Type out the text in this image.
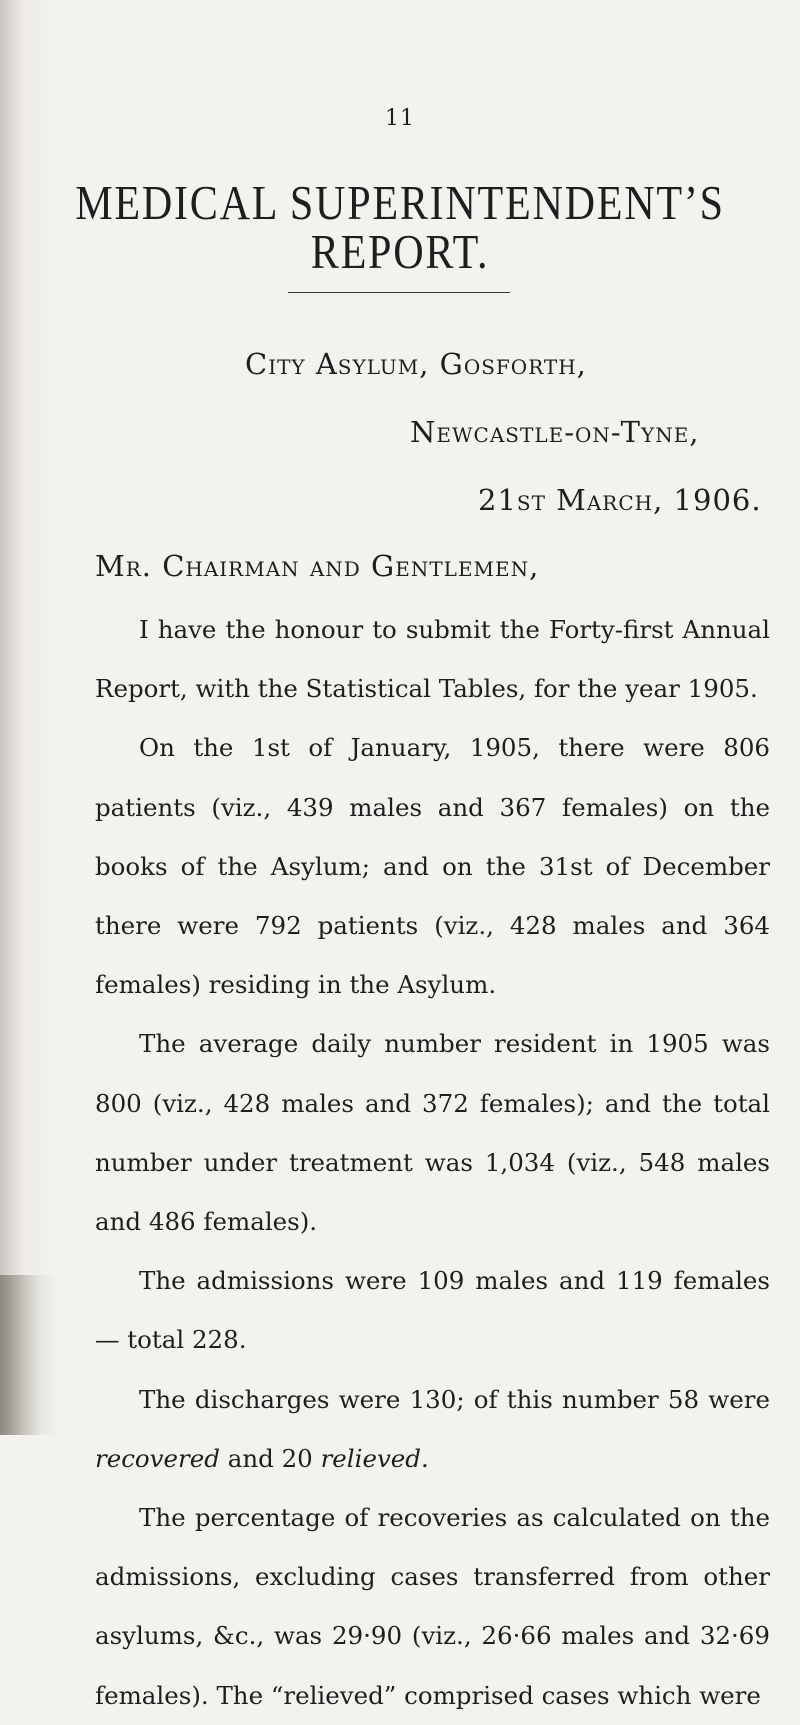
11
MEDICAL SUPERINTENDENT’S REPORT.
City Asylum, Gosforth,
Newcastle-on-Tyne,
21st March, 1906.
Mr. Chairman and Gentlemen,

I have the honour to submit the Forty-first Annual Report, with the Statistical Tables, for the year 1905.

On the 1st of January, 1905, there were 806 patients (viz., 439 males and 367 females) on the books of the Asylum; and on the 31st of December there were 792 patients (viz., 428 males and 364 females) residing in the Asylum.

The average daily number resident in 1905 was 800 (viz., 428 males and 372 females); and the total number under treatment was 1,034 (viz., 548 males and 486 females).

The admissions were 109 males and 119 females— total 228.

The discharges were 130; of this number 58 were recovered and 20 relieved.

The percentage of recoveries as calculated on the admissions, excluding cases transferred from other asylums, &c., was 29·90 (viz., 26·66 males and 32·69 females). The “relieved” comprised cases which were
